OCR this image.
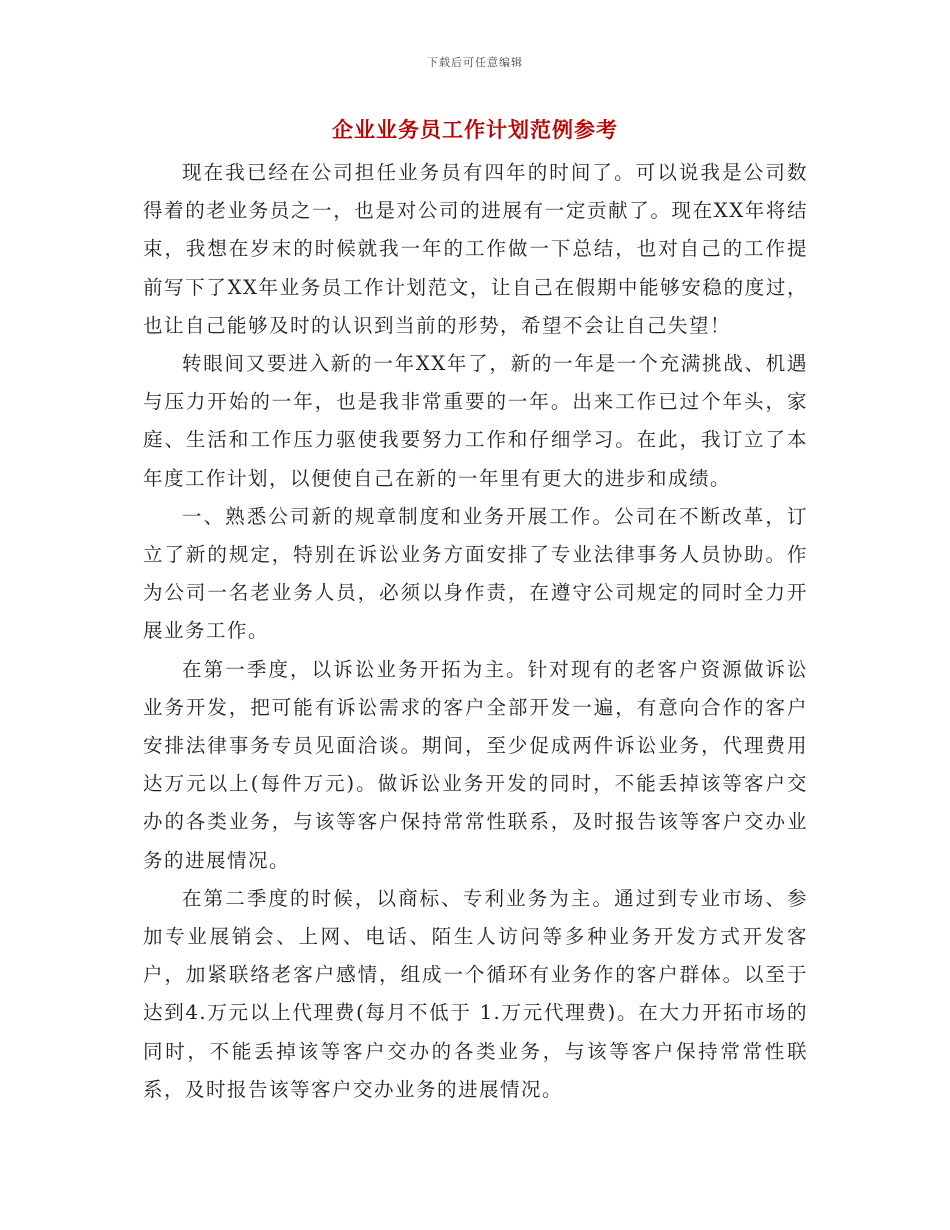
下载后可任意编辑
企业业务员工作计划范例参考

现在我已经在公司担任业务员有四年的时间了。可以说我是公司数得着的老业务员之一，也是对公司的进展有一定贡献了。现在XX年将结束，我想在岁末的时候就我一年的工作做一下总结，也对自己的工作提前写下了XX年业务员工作计划范文，让自己在假期中能够安稳的度过，也让自己能够及时的认识到当前的形势，希望不会让自己失望！

转眼间又要进入新的一年XX年了，新的一年是一个充满挑战、机遇与压力开始的一年，也是我非常重要的一年。出来工作已过个年头，家庭、生活和工作压力驱使我要努力工作和仔细学习。在此，我订立了本年度工作计划，以便使自己在新的一年里有更大的进步和成绩。

一、熟悉公司新的规章制度和业务开展工作。公司在不断改革，订立了新的规定，特别在诉讼业务方面安排了专业法律事务人员协助。作为公司一名老业务人员，必须以身作责，在遵守公司规定的同时全力开展业务工作。

在第一季度，以诉讼业务开拓为主。针对现有的老客户资源做诉讼业务开发，把可能有诉讼需求的客户全部开发一遍，有意向合作的客户安排法律事务专员见面洽谈。期间，至少促成两件诉讼业务，代理费用达万元以上(每件万元)。做诉讼业务开发的同时，不能丢掉该等客户交办的各类业务，与该等客户保持常常性联系，及时报告该等客户交办业务的进展情况。

在第二季度的时候，以商标、专利业务为主。通过到专业市场、参加专业展销会、上网、电话、陌生人访问等多种业务开发方式开发客户，加紧联络老客户感情，组成一个循环有业务作的客户群体。以至于达到4.万元以上代理费(每月不低于 1.万元代理费)。在大力开拓市场的同时，不能丢掉该等客户交办的各类业务，与该等客户保持常常性联系，及时报告该等客户交办业务的进展情况。
